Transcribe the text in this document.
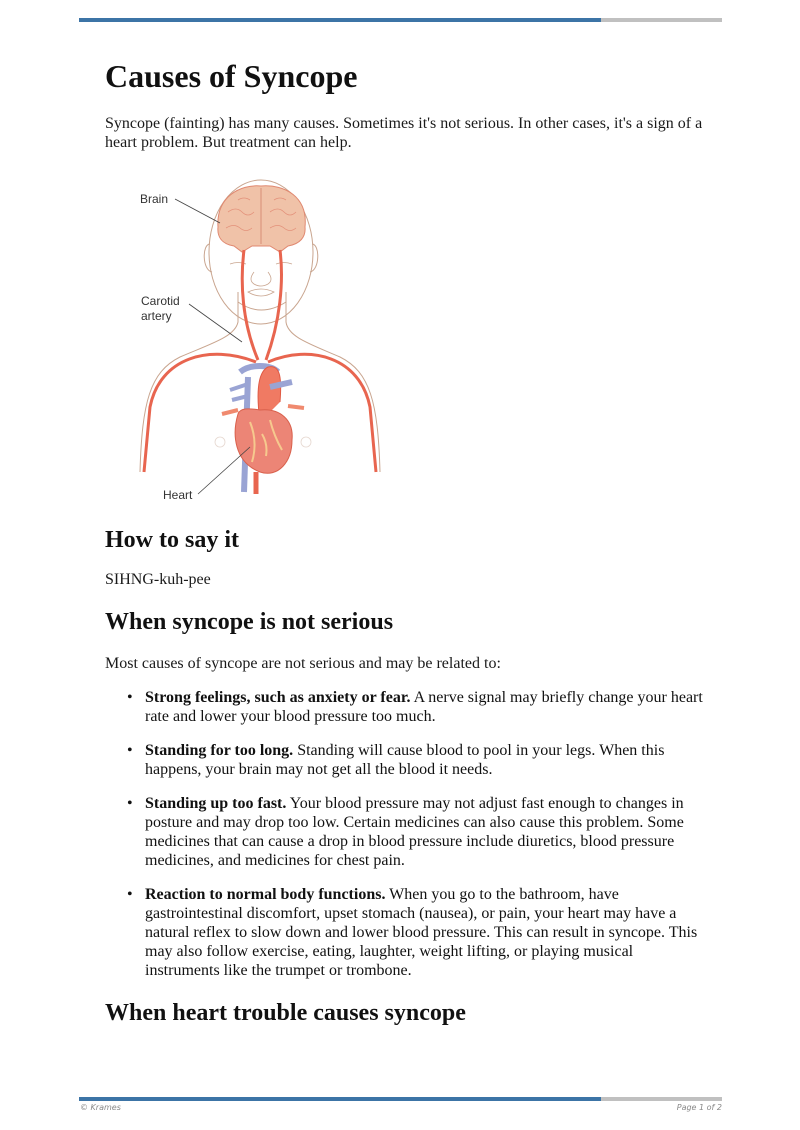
Causes of Syncope

Syncope (fainting) has many causes. Sometimes it's not serious. In other cases, it's a sign of a heart problem. But treatment can help.

Brain
Carotid
artery
Heart
How to say it

SIHNG-kuh-pee

When syncope is not serious

Most causes of syncope are not serious and may be related to:

• Strong feelings, such as anxiety or fear. A nerve signal may briefly change your heart rate and lower your blood pressure too much.
• Standing for too long. Standing will cause blood to pool in your legs. When this happens, your brain may not get all the blood it needs.
• Standing up too fast. Your blood pressure may not adjust fast enough to changes in posture and may drop too low. Certain medicines can also cause this problem. Some medicines that can cause a drop in blood pressure include diuretics, blood pressure medicines, and medicines for chest pain.
• Reaction to normal body functions. When you go to the bathroom, have gastrointestinal discomfort, upset stomach (nausea), or pain, your heart may have a natural reflex to slow down and lower blood pressure. This can result in syncope. This may also follow exercise, eating, laughter, weight lifting, or playing musical instruments like the trumpet or trombone.
When heart trouble causes syncope
© Krames	Page 1 of 2
